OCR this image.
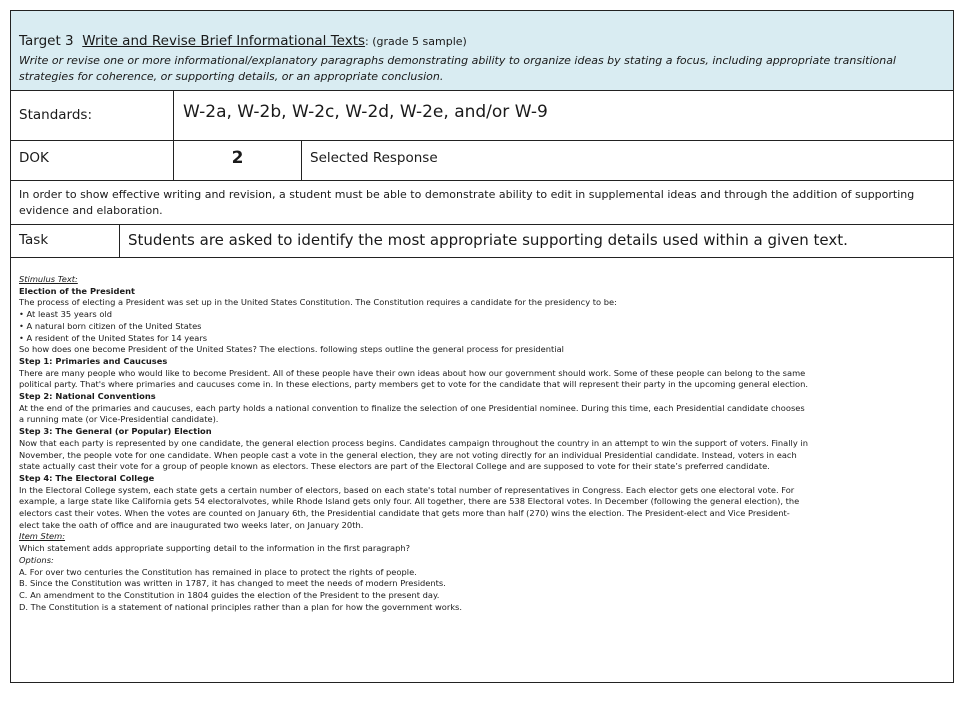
Target 3 Write and Revise Brief Informational Texts: (grade 5 sample)
Write or revise one or more informational/explanatory paragraphs demonstrating ability to organize ideas by stating a focus, including appropriate transitional strategies for coherence, or supporting details, or an appropriate conclusion.
Standards:	W-2a, W-2b, W-2c, W-2d, W-2e, and/or W-9
DOK	2	Selected Response
In order to show effective writing and revision, a student must be able to demonstrate ability to edit in supplemental ideas and through the addition of supporting evidence and elaboration.
Task	Students are asked to identify the most appropriate supporting details used within a given text.
Stimulus Text:
Election of the President
The process of electing a President was set up in the United States Constitution. The Constitution requires a candidate for the presidency to be:
• At least 35 years old
• A natural born citizen of the United States
• A resident of the United States for 14 years
So how does one become President of the United States? The elections. following steps outline the general process for presidential
Step 1: Primaries and Caucuses
There are many people who would like to become President. All of these people have their own ideas about how our government should work. Some of these people can belong to the same
political party. That's where primaries and caucuses come in. In these elections, party members get to vote for the candidate that will represent their party in the upcoming general election.
Step 2: National Conventions
At the end of the primaries and caucuses, each party holds a national convention to finalize the selection of one Presidential nominee. During this time, each Presidential candidate chooses
a running mate (or Vice-Presidential candidate).
Step 3: The General (or Popular) Election
Now that each party is represented by one candidate, the general election process begins. Candidates campaign throughout the country in an attempt to win the support of voters. Finally in
November, the people vote for one candidate. When people cast a vote in the general election, they are not voting directly for an individual Presidential candidate. Instead, voters in each
state actually cast their vote for a group of people known as electors. These electors are part of the Electoral College and are supposed to vote for their state’s preferred candidate.
Step 4: The Electoral College
In the Electoral College system, each state gets a certain number of electors, based on each state's total number of representatives in Congress. Each elector gets one electoral vote. For
example, a large state like California gets 54 electoralvotes, while Rhode Island gets only four. All together, there are 538 Electoral votes. In December (following the general election), the
electors cast their votes. When the votes are counted on January 6th, the Presidential candidate that gets more than half (270) wins the election. The President-elect and Vice President-
elect take the oath of office and are inaugurated two weeks later, on January 20th.
Item Stem:
Which statement adds appropriate supporting detail to the information in the first paragraph?
Options:
A. For over two centuries the Constitution has remained in place to protect the rights of people.
B. Since the Constitution was written in 1787, it has changed to meet the needs of modern Presidents.
C. An amendment to the Constitution in 1804 guides the election of the President to the present day.
D. The Constitution is a statement of national principles rather than a plan for how the government works.
